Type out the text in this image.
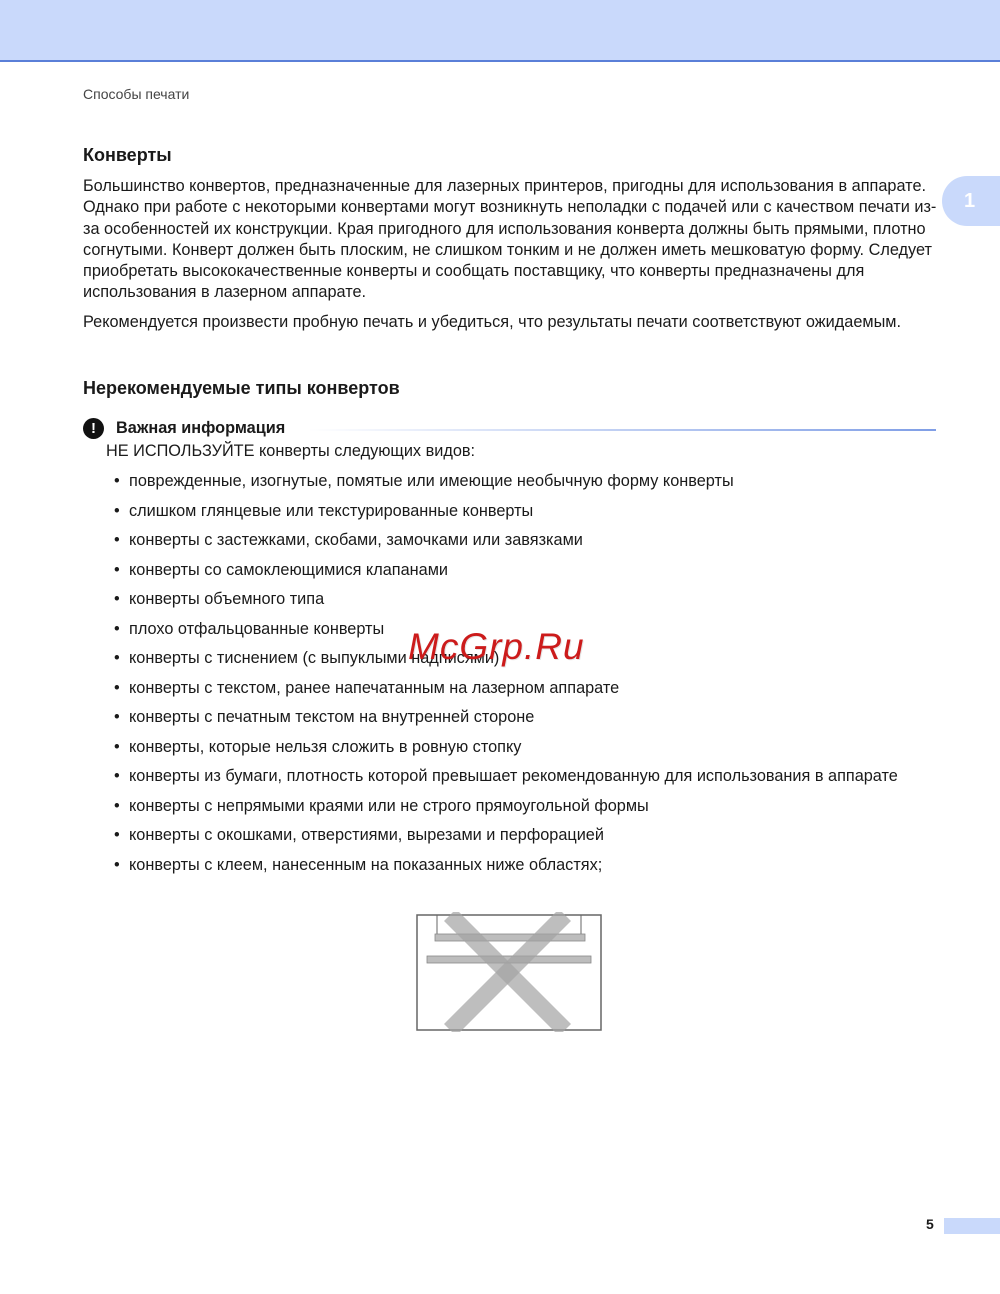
Способы печати
1
Конверты

Большинство конвертов, предназначенные для лазерных принтеров, пригодны для использования в аппарате. Однако при работе с некоторыми конвертами могут возникнуть неполадки с подачей или с качеством печати из-за особенностей их конструкции. Края пригодного для использования конверта должны быть прямыми, плотно согнутыми. Конверт должен быть плоским, не слишком тонким и не должен иметь мешковатую форму. Следует приобретать высококачественные конверты и сообщать поставщику, что конверты предназначены для использования в лазерном аппарате.

Рекомендуется произвести пробную печать и убедиться, что результаты печати соответствуют ожидаемым.

Нерекомендуемые типы конвертов
!	Важная информация

НЕ ИСПОЛЬЗУЙТЕ конверты следующих видов:

• поврежденные, изогнутые, помятые или имеющие необычную форму конверты
• слишком глянцевые или текстурированные конверты
• конверты с застежками, скобами, замочками или завязками
• конверты со самоклеющимися клапанами
• конверты объемного типа
• плохо отфальцованные конверты
• конверты с тиснением (с выпуклыми надписями)
• конверты с текстом, ранее напечатанным на лазерном аппарате
• конверты с печатным текстом на внутренней стороне
• конверты, которые нельзя сложить в ровную стопку
• конверты из бумаги, плотность которой превышает рекомендованную для использования в аппарате
• конверты с непрямыми краями или не строго прямоугольной формы
• конверты с окошками, отверстиями, вырезами и перфорацией
• конверты с клеем, нанесенным на показанных ниже областях;
McGrp.Ru
5
